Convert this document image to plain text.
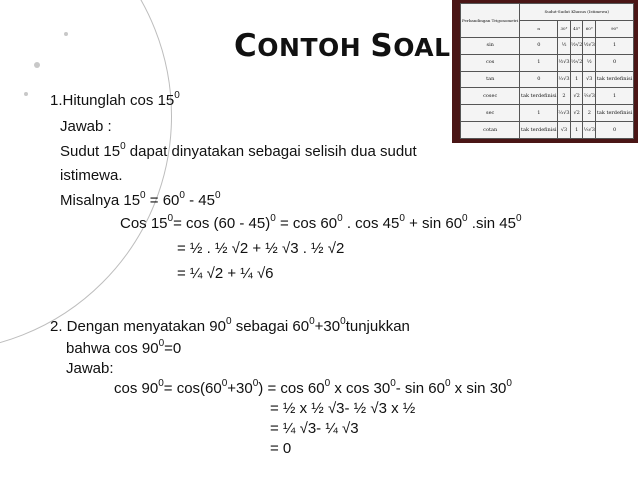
CONTOH SOAL
Perbandingan Trigonometri	Sudut-Sudut Khusus (Istimewa)				
	α	30°	45°	60°	90°
sin	0	½	½√2	½√3	1
cos	1	½√3	½√2	½	0
tan	0	⅓√3	1	√3	tak terdefinisi
cosec	tak terdefinisi	2	√2	⅔√3	1
sec	1	⅔√3	√2	2	tak terdefinisi
cotan	tak terdefinisi	√3	1	⅓√3	0
1.Hitunglah $\cos 15^0$
Jawab :
Sudut $15^0$ dapat dinyatakan sebagai selisih dua sudut
istimewa.
Misalnya $15^0 = 60^0 - 45^0$
Cos $15^0= \cos (60 - 45)^0 = \cos 60^0$ . $\cos 45^0 + \sin 60^0$ .sin $45^0$
= ½ . ½ √2 + ½ √3 . ½ √2
= ¼ √2 + ¼ √6
2. Dengan menyatakan $90^0$ sebagai $60^0+30^0tunjukkan$
bahwa $\cos 90^0=0$
Jawab:
$\cos 90^0= \cos(60^0+30^0) = \cos 60^0$ x $\cos 30^0-$ $\sin 60^0$ x $\sin 30^0$
= ½ x ½ √3- ½ √3 x ½
= ¼ √3- ¼ √3
= 0
